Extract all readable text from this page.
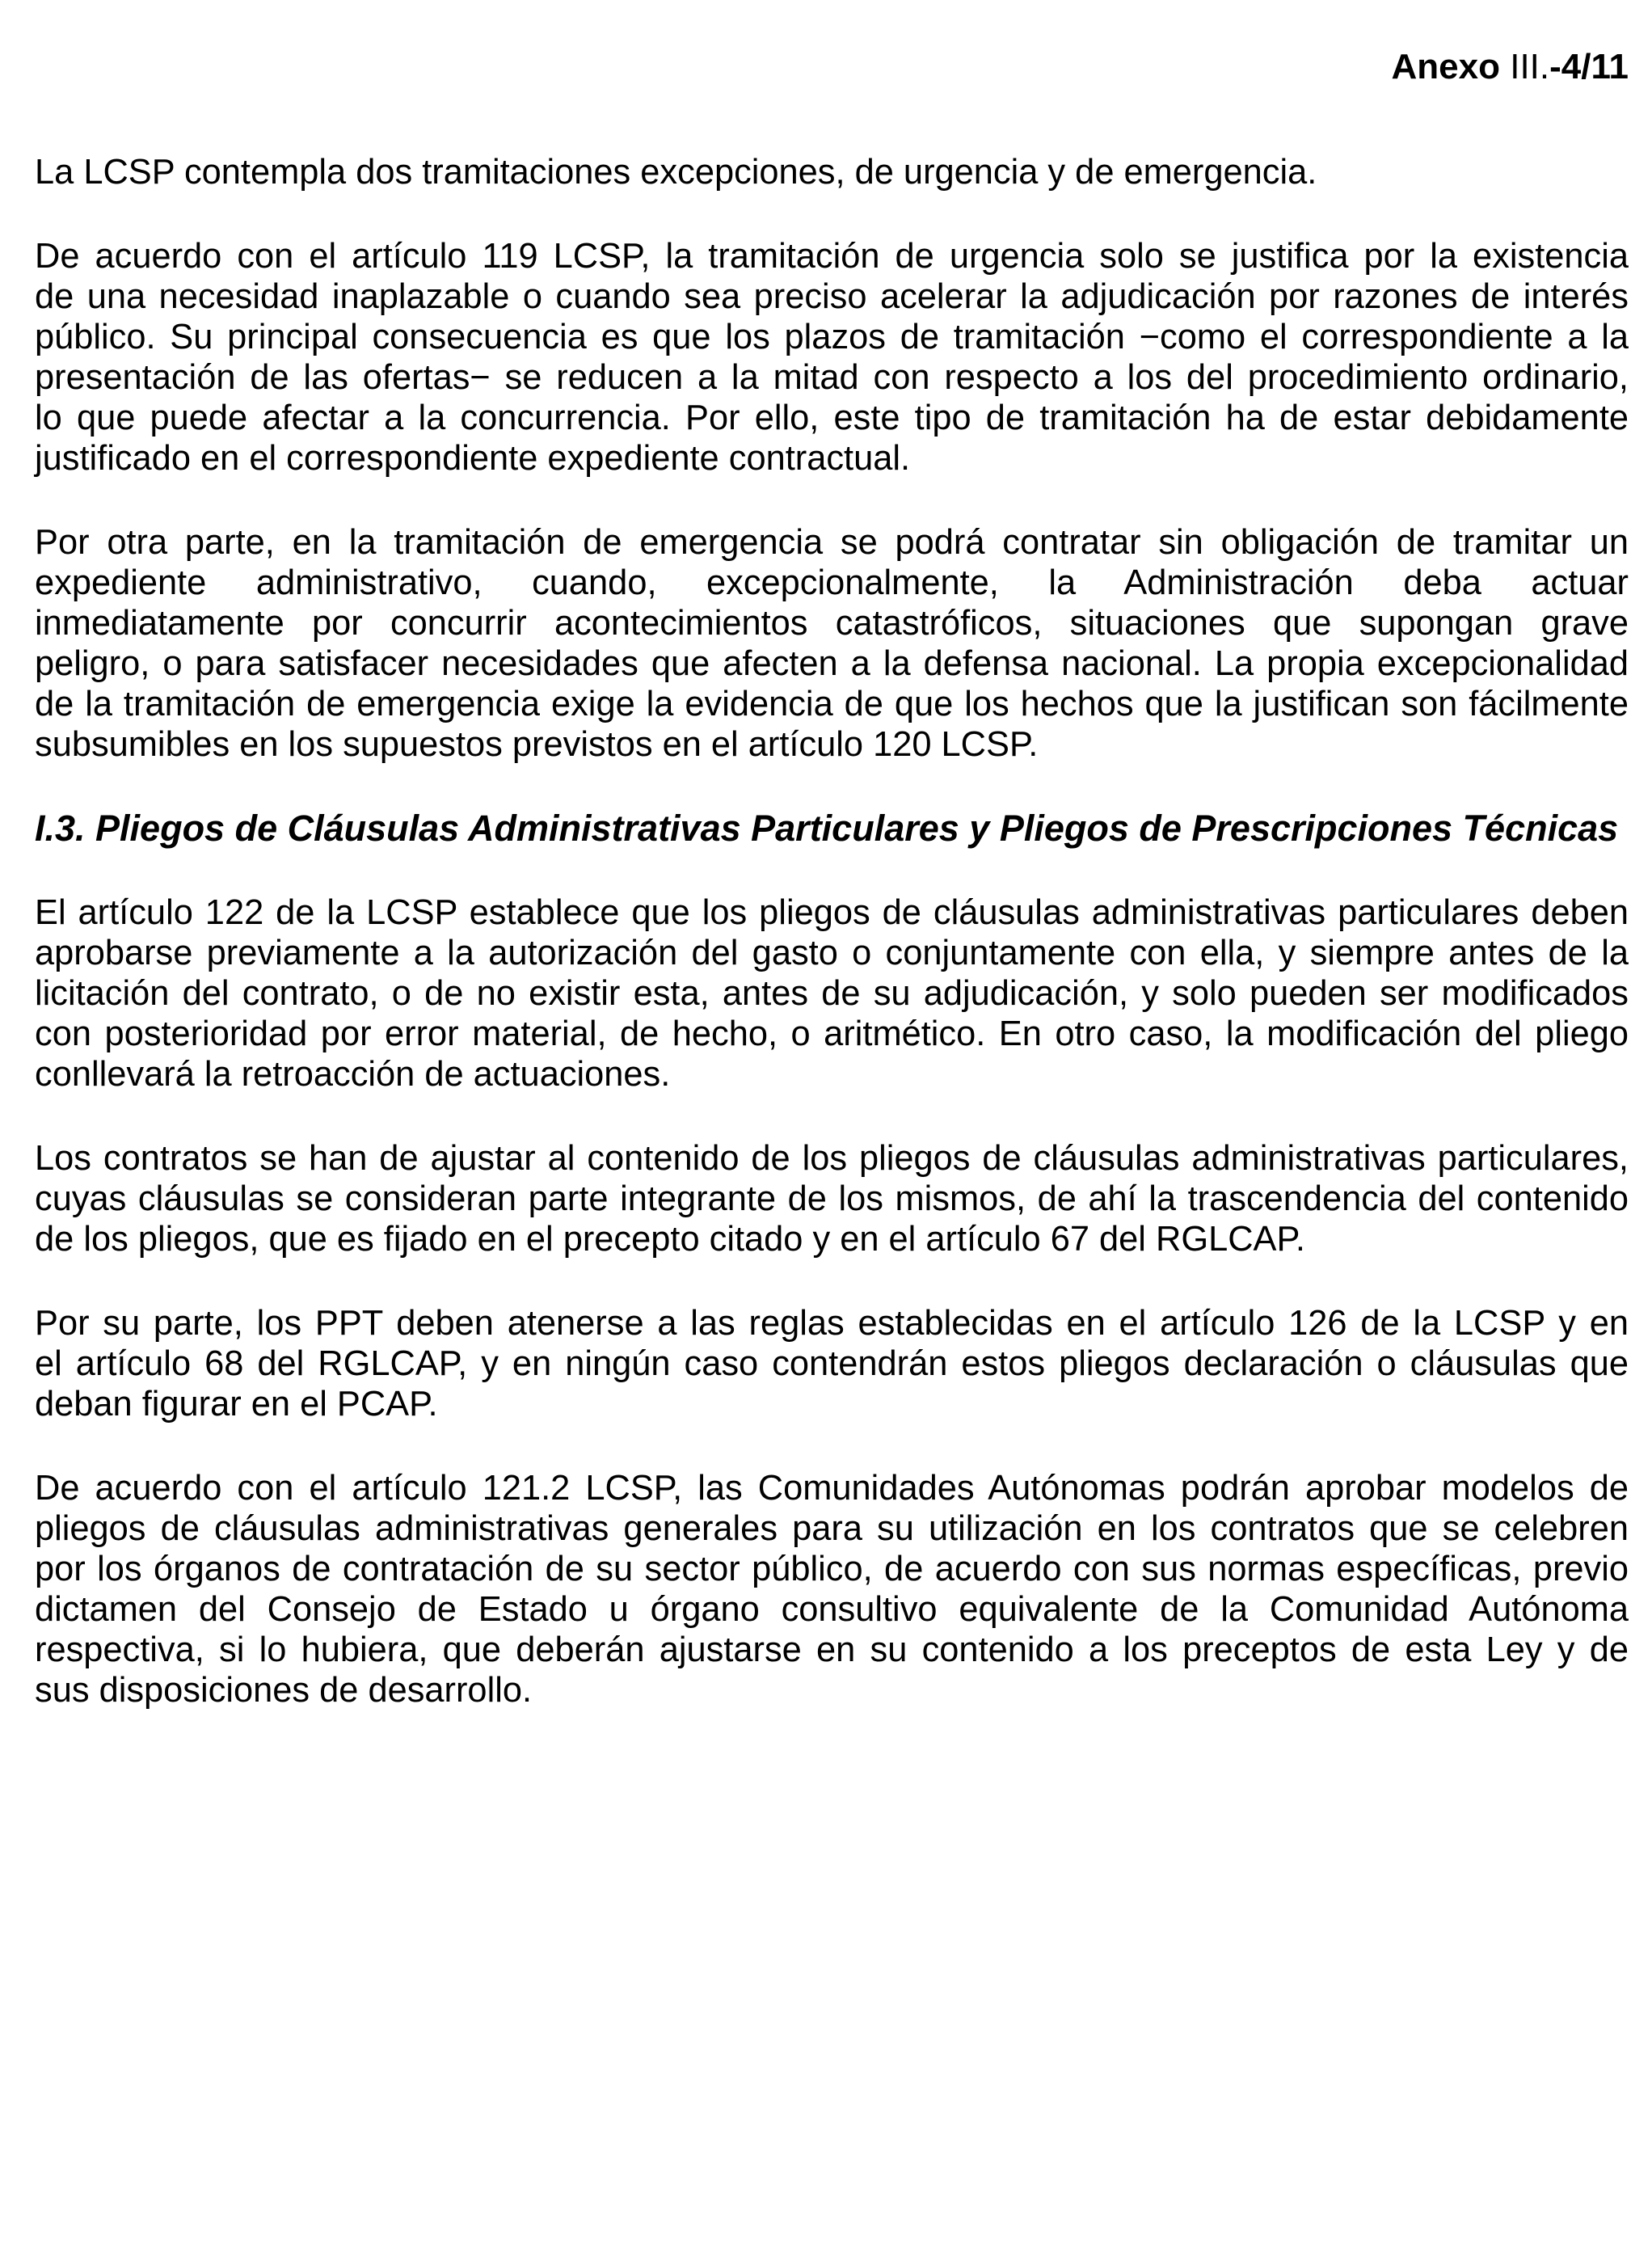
Anexo III.-4/11

La LCSP contempla dos tramitaciones excepciones, de urgencia y de emergencia.

De acuerdo con el artículo 119 LCSP, la tramitación de urgencia solo se justifica por la existencia
de una necesidad inaplazable o cuando sea preciso acelerar la adjudicación por razones de interés
público. Su principal consecuencia es que los plazos de tramitación −como el correspondiente a la
presentación de las ofertas− se reducen a la mitad con respecto a los del procedimiento ordinario,
lo que puede afectar a la concurrencia. Por ello, este tipo de tramitación ha de estar debidamente
justificado en el correspondiente expediente contractual.

Por otra parte, en la tramitación de emergencia se podrá contratar sin obligación de tramitar un
expediente administrativo, cuando, excepcionalmente, la Administración deba actuar
inmediatamente por concurrir acontecimientos catastróficos, situaciones que supongan grave
peligro, o para satisfacer necesidades que afecten a la defensa nacional. La propia excepcionalidad
de la tramitación de emergencia exige la evidencia de que los hechos que la justifican son fácilmente
subsumibles en los supuestos previstos en el artículo 120 LCSP.

I.3. Pliegos de Cláusulas Administrativas Particulares y Pliegos de Prescripciones Técnicas

El artículo 122 de la LCSP establece que los pliegos de cláusulas administrativas particulares deben
aprobarse previamente a la autorización del gasto o conjuntamente con ella, y siempre antes de la
licitación del contrato, o de no existir esta, antes de su adjudicación, y solo pueden ser modificados
con posterioridad por error material, de hecho, o aritmético. En otro caso, la modificación del pliego
conllevará la retroacción de actuaciones.

Los contratos se han de ajustar al contenido de los pliegos de cláusulas administrativas particulares,
cuyas cláusulas se consideran parte integrante de los mismos, de ahí la trascendencia del contenido
de los pliegos, que es fijado en el precepto citado y en el artículo 67 del RGLCAP.

Por su parte, los PPT deben atenerse a las reglas establecidas en el artículo 126 de la LCSP y en
el artículo 68 del RGLCAP, y en ningún caso contendrán estos pliegos declaración o cláusulas que
deban figurar en el PCAP.

De acuerdo con el artículo 121.2 LCSP, las Comunidades Autónomas podrán aprobar modelos de
pliegos de cláusulas administrativas generales para su utilización en los contratos que se celebren
por los órganos de contratación de su sector público, de acuerdo con sus normas específicas, previo
dictamen del Consejo de Estado u órgano consultivo equivalente de la Comunidad Autónoma
respectiva, si lo hubiera, que deberán ajustarse en su contenido a los preceptos de esta Ley y de
sus disposiciones de desarrollo.
